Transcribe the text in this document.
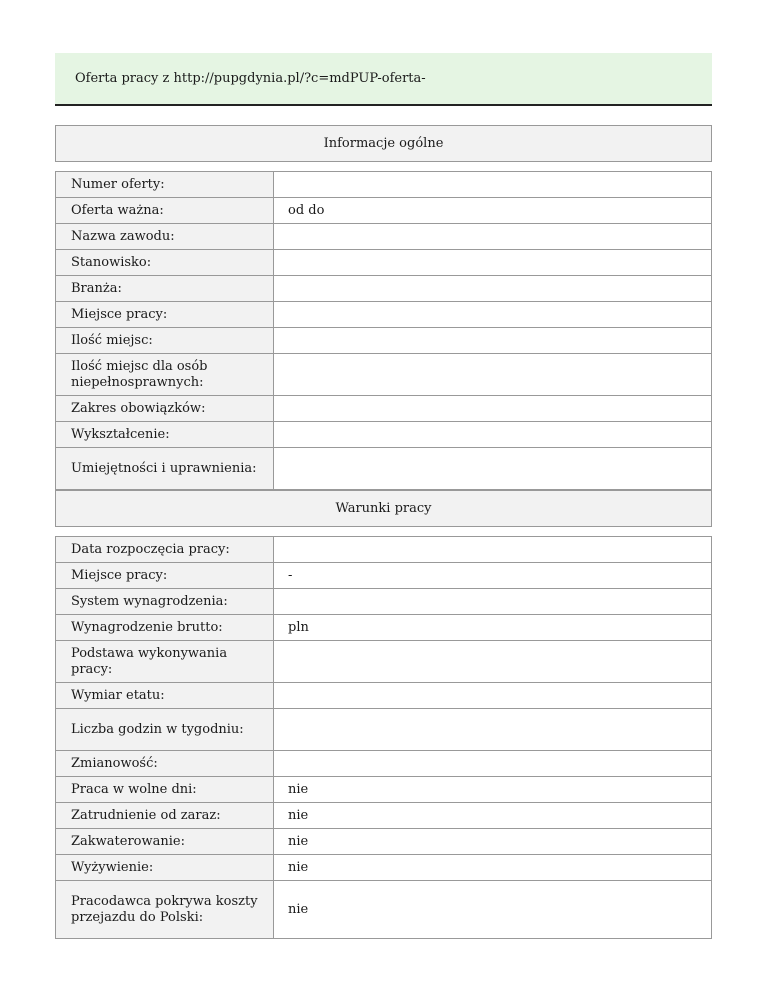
Oferta pracy z http://pupgdynia.pl/?c=mdPUP-oferta-
Informacje ogólne
Numer oferty:	
Oferta ważna:	od do
Nazwa zawodu:	
Stanowisko:	
Branża:	
Miejsce pracy:	
Ilość miejsc:	
Ilość miejsc dla osób niepełnosprawnych:	
Zakres obowiązków:	
Wykształcenie:	
Umiejętności i uprawnienia:	
Warunki pracy
Data rozpoczęcia pracy:	
Miejsce pracy:	-
System wynagrodzenia:	
Wynagrodzenie brutto:	pln
Podstawa wykonywania pracy:	
Wymiar etatu:	
Liczba godzin w tygodniu:	
Zmianowość:	
Praca w wolne dni:	nie
Zatrudnienie od zaraz:	nie
Zakwaterowanie:	nie
Wyżywienie:	nie
Pracodawca pokrywa koszty przejazdu do Polski:	nie
